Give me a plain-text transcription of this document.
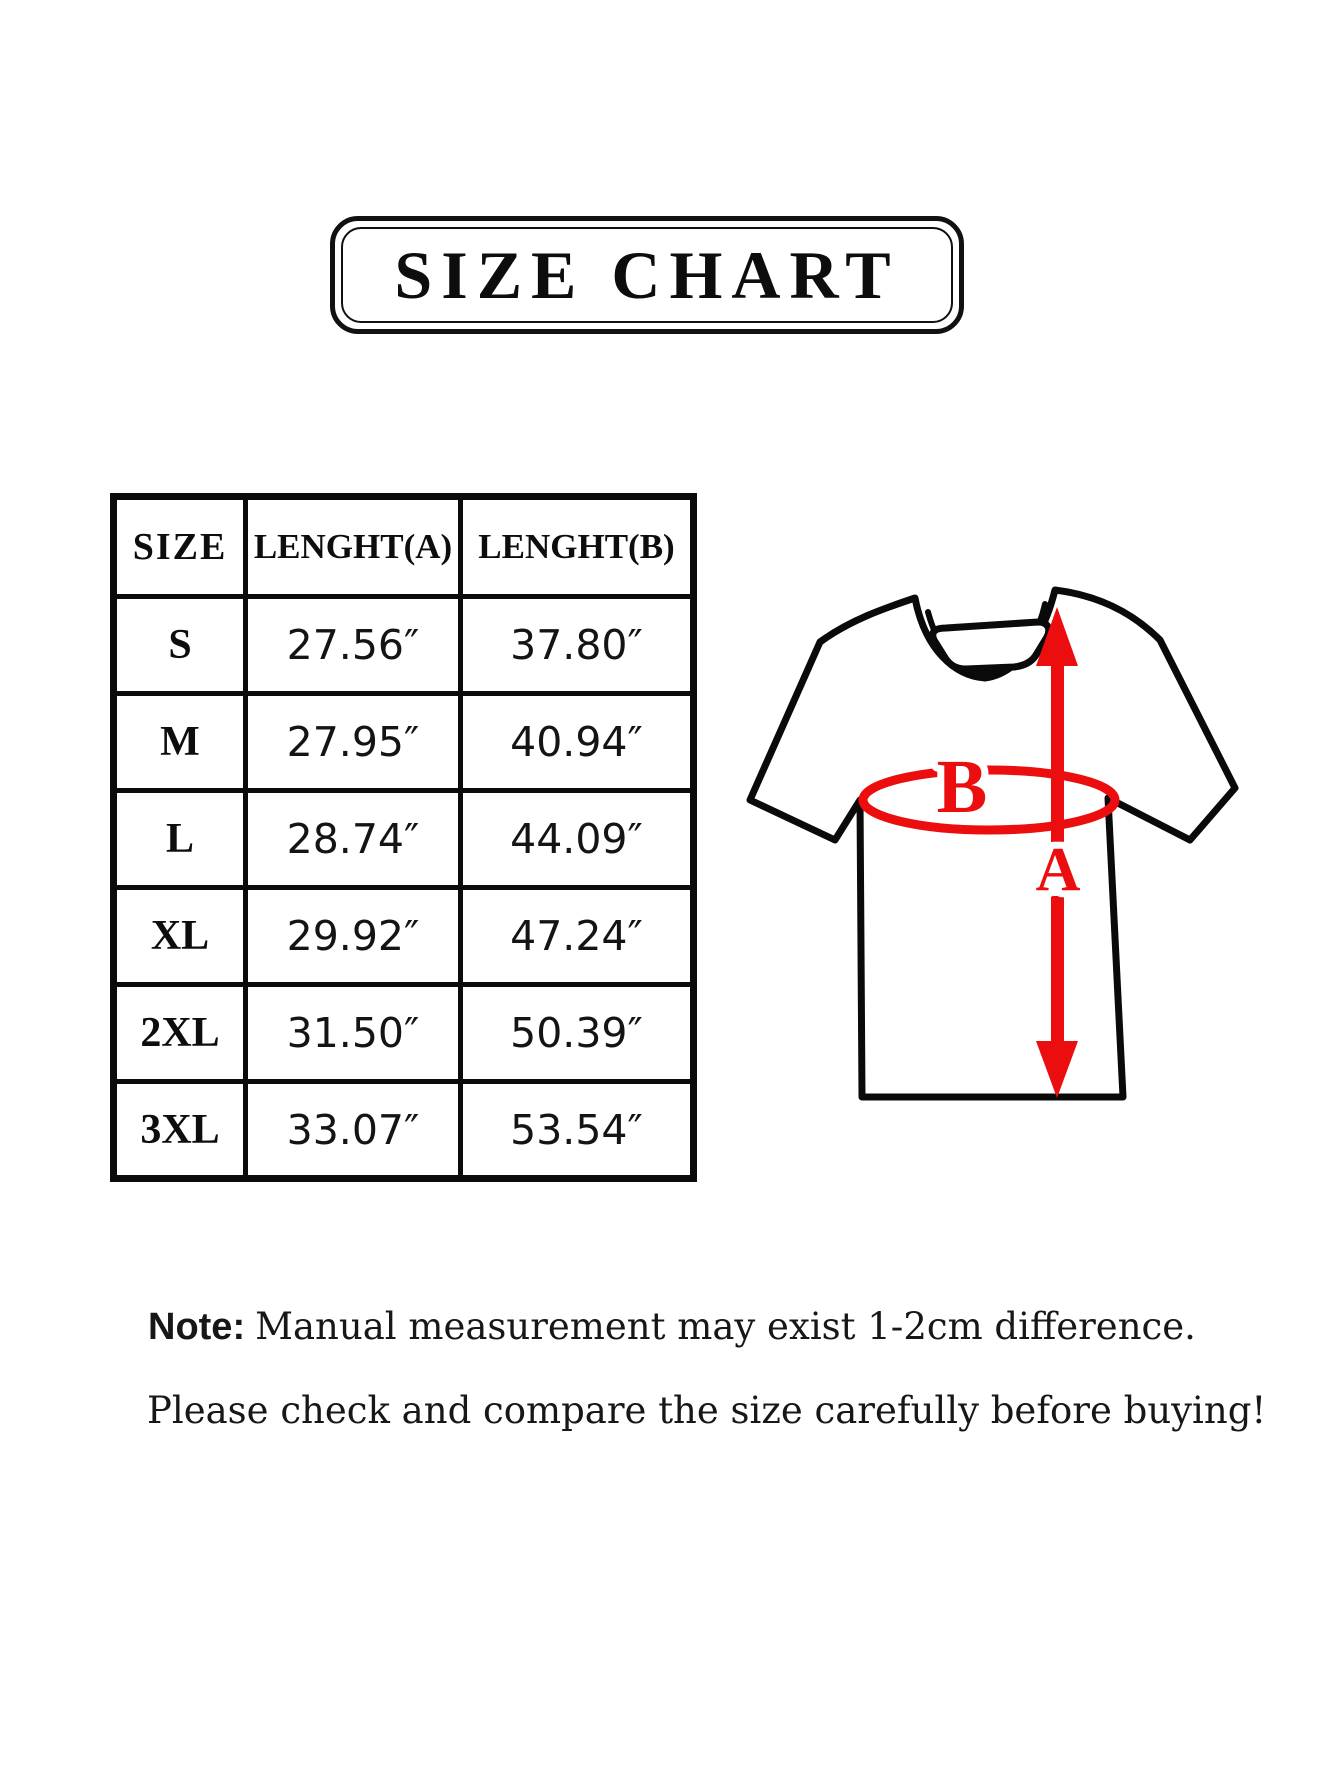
SIZE CHART
SIZE	LENGHT(A)	LENGHT(B)
S	27.56″	37.80″
M	27.95″	40.94″
L	28.74″	44.09″
XL	29.92″	47.24″
2XL	31.50″	50.39″
3XL	33.07″	53.54″
B
A

Note: Manual measurement may exist 1-2cm difference.

Please check and compare the size carefully before buying!
